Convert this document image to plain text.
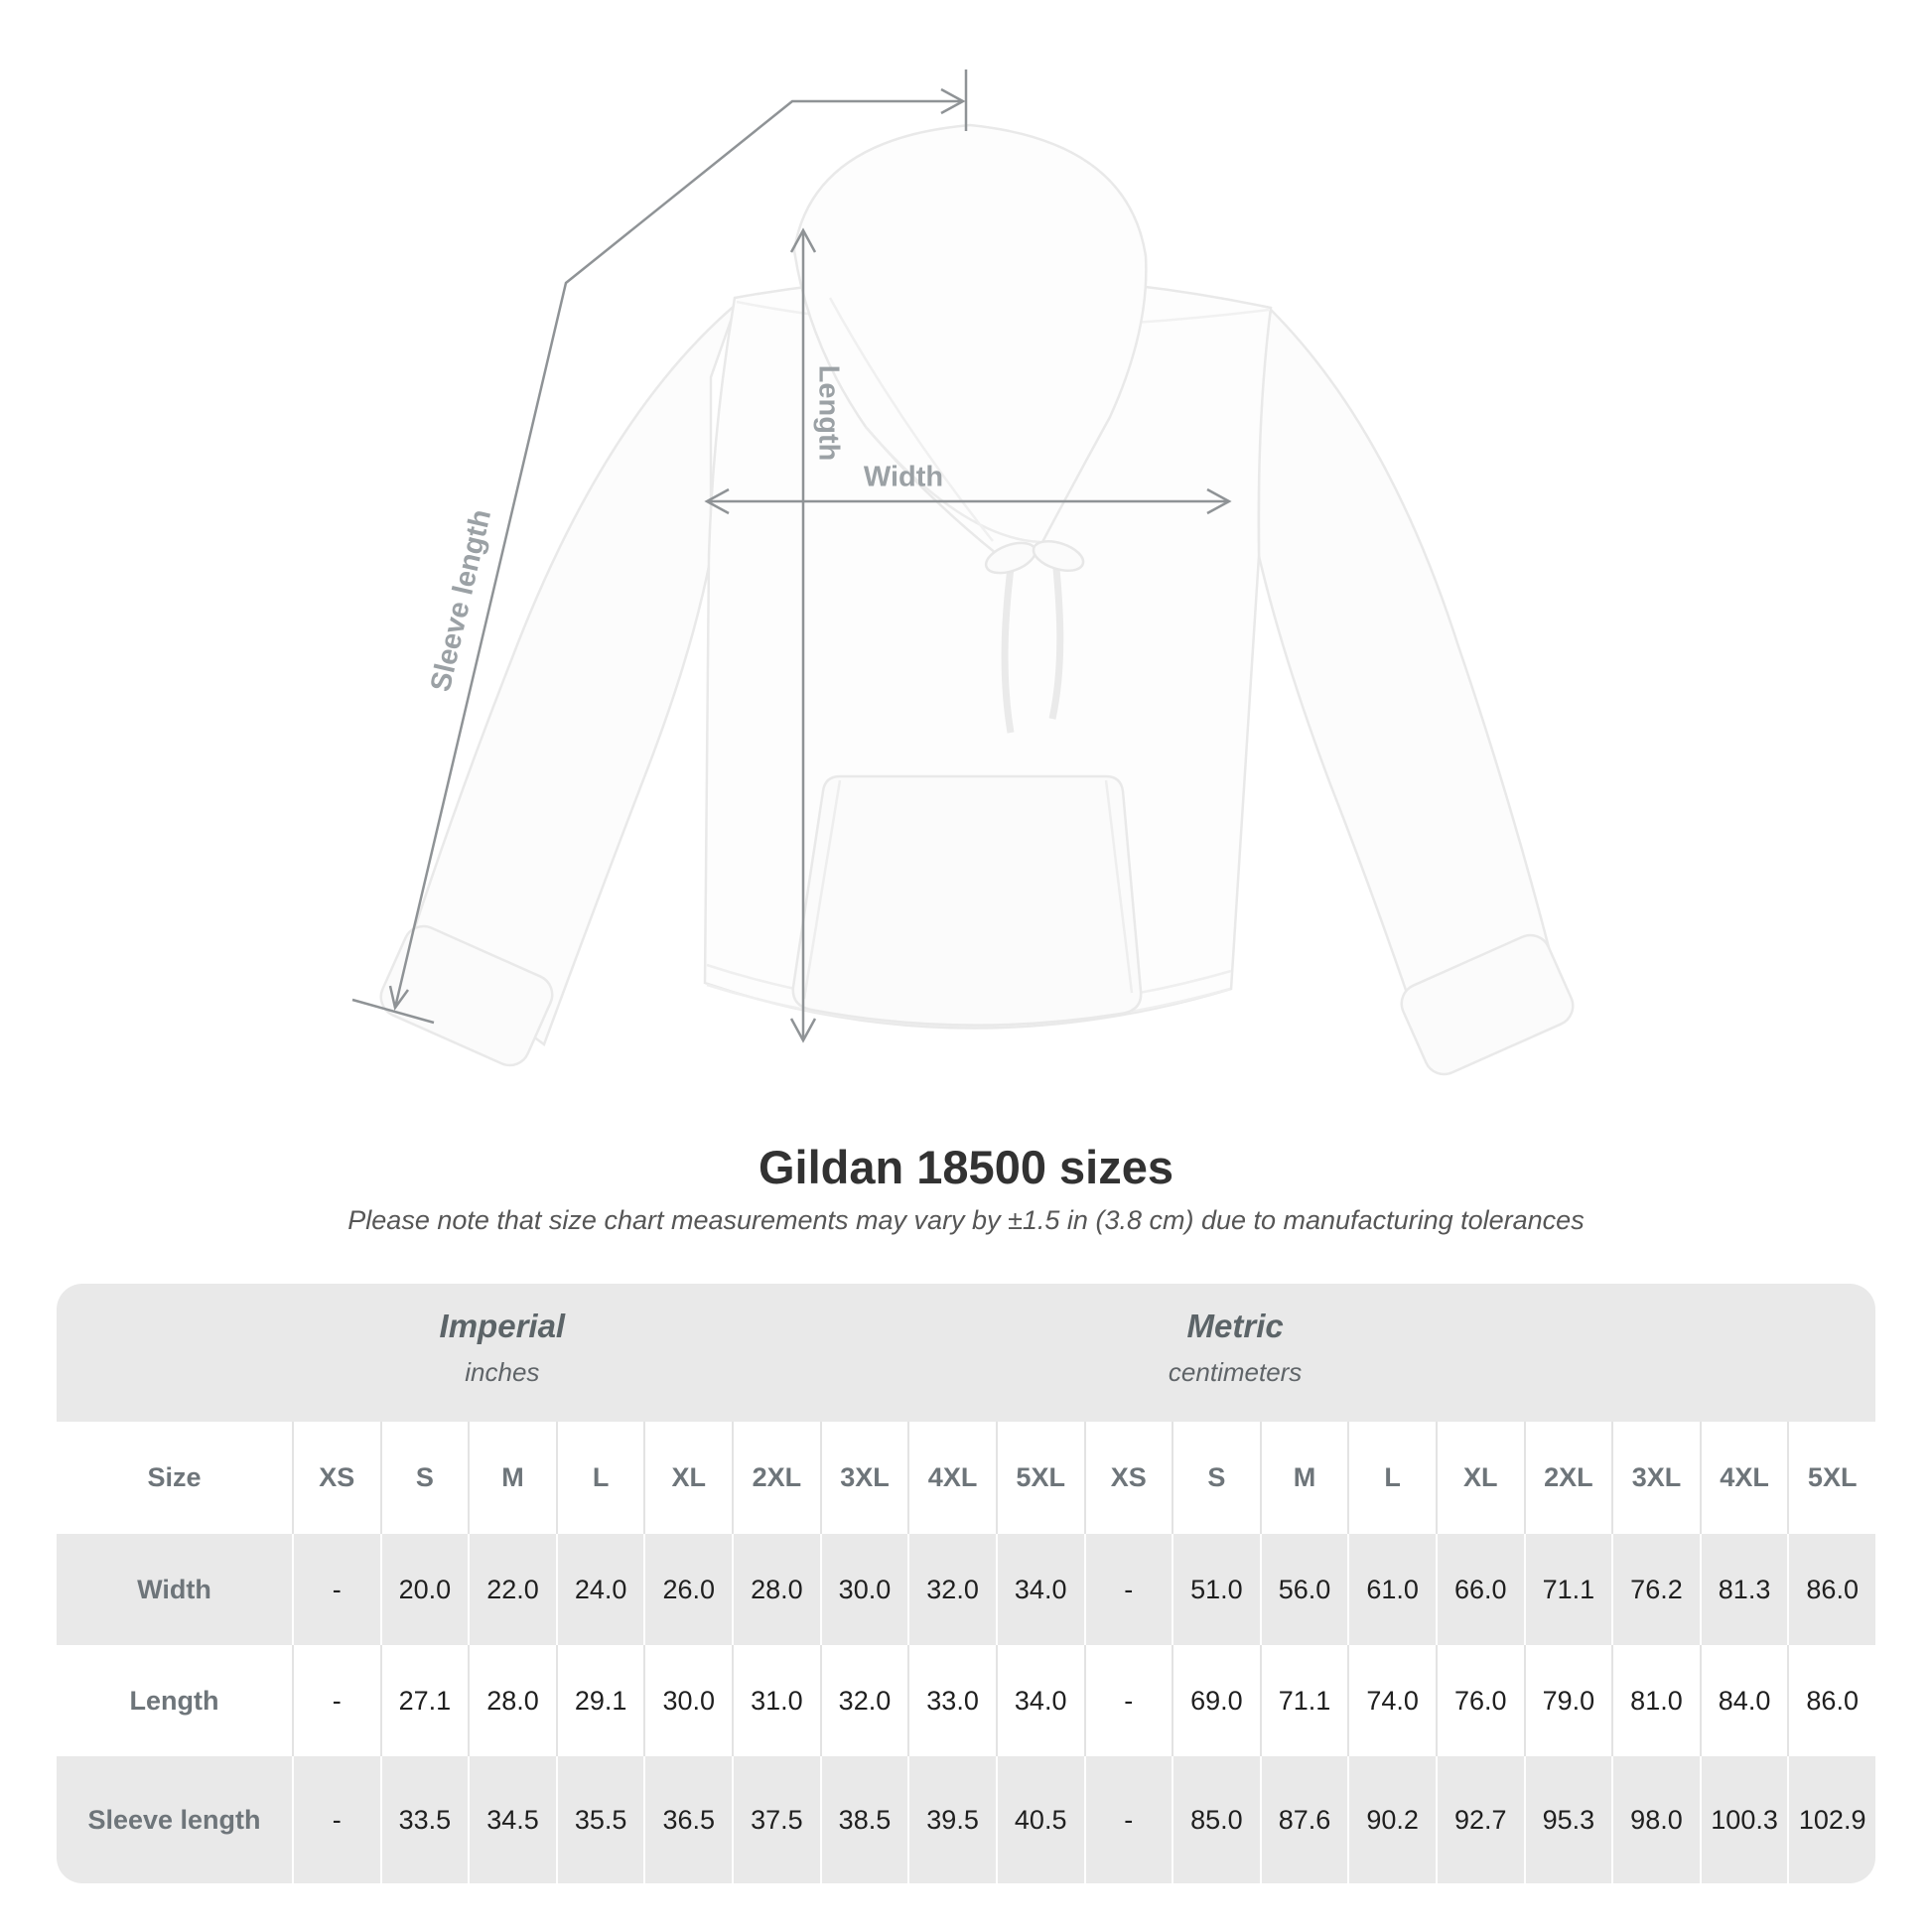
Sleeve length
Length
Width
Gildan 18500 sizes

Please note that size chart measurements may vary by ±1.5 in (3.8 cm) due to manufacturing tolerances

Imperial
inches
Metric
centimeters
Size	XS	S	M	L	XL	2XL	3XL	4XL	5XL	XS	S	M	L	XL	2XL	3XL	4XL	5XL
Width	-	20.0	22.0	24.0	26.0	28.0	30.0	32.0	34.0	-	51.0	56.0	61.0	66.0	71.1	76.2	81.3	86.0
Length	-	27.1	28.0	29.1	30.0	31.0	32.0	33.0	34.0	-	69.0	71.1	74.0	76.0	79.0	81.0	84.0	86.0
Sleeve length	-	33.5	34.5	35.5	36.5	37.5	38.5	39.5	40.5	-	85.0	87.6	90.2	92.7	95.3	98.0	100.3 102.9
